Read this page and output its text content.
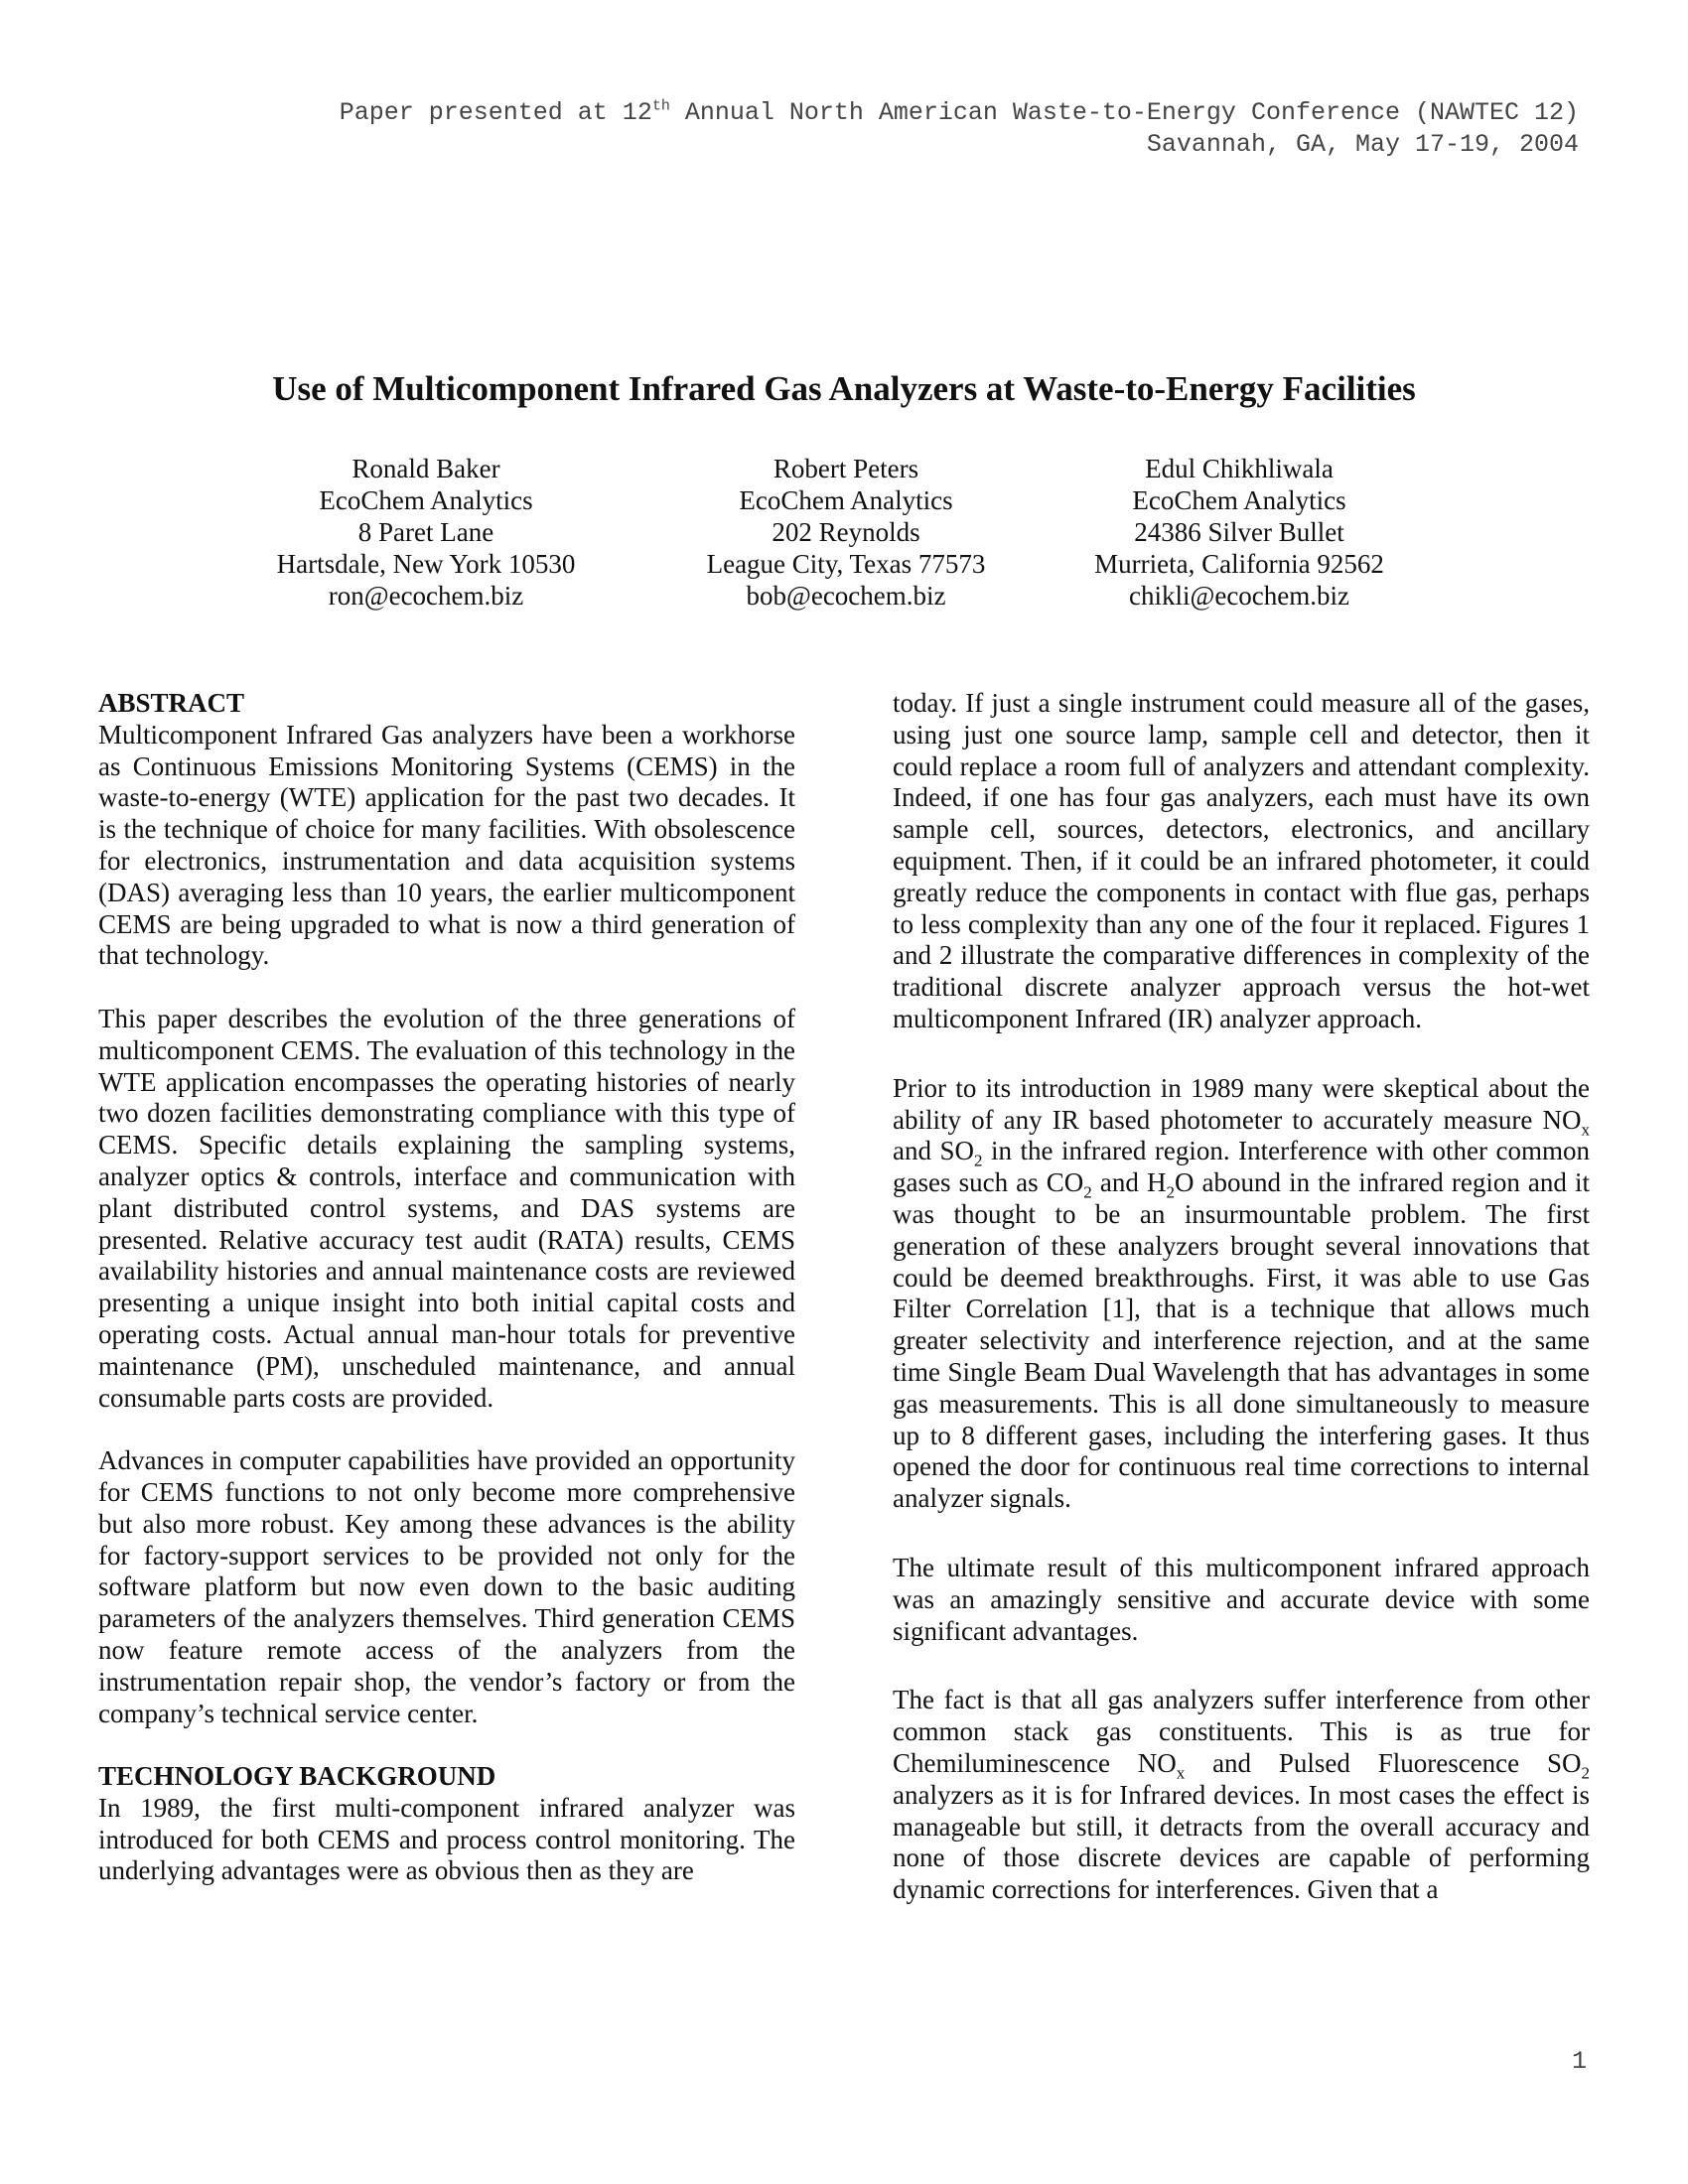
Paper presented at 12th Annual North American Waste-to-Energy Conference (NAWTEC 12)
Savannah, GA, May 17-19, 2004
Use of Multicomponent Infrared Gas Analyzers at Waste-to-Energy Facilities
Ronald Baker
EcoChem Analytics
8 Paret Lane
Hartsdale, New York 10530
ron@ecochem.biz
Robert Peters
EcoChem Analytics
202 Reynolds
League City, Texas 77573
bob@ecochem.biz
Edul Chikhliwala
EcoChem Analytics
24386 Silver Bullet
Murrieta, California 92562
chikli@ecochem.biz
ABSTRACT

Multicomponent Infrared Gas analyzers have been a workhorse as Continuous Emissions Monitoring Systems (CEMS) in the waste-to-energy (WTE) application for the past two decades. It is the technique of choice for many facilities. With obsolescence for electronics, instrumentation and data acquisition systems (DAS) averaging less than 10 years, the earlier multicomponent CEMS are being upgraded to what is now a third generation of that technology.

This paper describes the evolution of the three generations of multicomponent CEMS. The evaluation of this technology in the WTE application encompasses the operating histories of nearly two dozen facilities demonstrating compliance with this type of CEMS. Specific details explaining the sampling systems, analyzer optics & controls, interface and communication with plant distributed control systems, and DAS systems are presented. Relative accuracy test audit (RATA) results, CEMS availability histories and annual maintenance costs are reviewed presenting a unique insight into both initial capital costs and operating costs. Actual annual man-hour totals for preventive maintenance (PM), unscheduled maintenance, and annual consumable parts costs are provided.

Advances in computer capabilities have provided an opportunity for CEMS functions to not only become more comprehensive but also more robust. Key among these advances is the ability for factory-support services to be provided not only for the software platform but now even down to the basic auditing parameters of the analyzers themselves. Third generation CEMS now feature remote access of the analyzers from the instrumentation repair shop, the vendor’s factory or from the company’s technical service center.

TECHNOLOGY BACKGROUND

In 1989, the first multi-component infrared analyzer was introduced for both CEMS and process control monitoring. The underlying advantages were as obvious then as they are

today. If just a single instrument could measure all of the gases, using just one source lamp, sample cell and detector, then it could replace a room full of analyzers and attendant complexity. Indeed, if one has four gas analyzers, each must have its own sample cell, sources, detectors, electronics, and ancillary equipment. Then, if it could be an infrared photometer, it could greatly reduce the components in contact with flue gas, perhaps to less complexity than any one of the four it replaced. Figures 1 and 2 illustrate the comparative differences in complexity of the traditional discrete analyzer approach versus the hot-wet multicomponent Infrared (IR) analyzer approach.

Prior to its introduction in 1989 many were skeptical about the ability of any IR based photometer to accurately measure $NO_x$ and $SO_2$ in the infrared region. Interference with other common gases such as $CO_2$ and $H_2O$ abound in the infrared region and it was thought to be an insurmountable problem. The first generation of these analyzers brought several innovations that could be deemed breakthroughs. First, it was able to use Gas Filter Correlation [1], that is a technique that allows much greater selectivity and interference rejection, and at the same time Single Beam Dual Wavelength that has advantages in some gas measurements. This is all done simultaneously to measure up to 8 different gases, including the interfering gases. It thus opened the door for continuous real time corrections to internal analyzer signals.

The ultimate result of this multicomponent infrared approach was an amazingly sensitive and accurate device with some significant advantages.

The fact is that all gas analyzers suffer interference from other common stack gas constituents. This is as true for Chemiluminescence $NO_x$ and Pulsed Fluorescence $SO_2$ analyzers as it is for Infrared devices. In most cases the effect is manageable but still, it detracts from the overall accuracy and none of those discrete devices are capable of performing dynamic corrections for interferences. Given that a

1
